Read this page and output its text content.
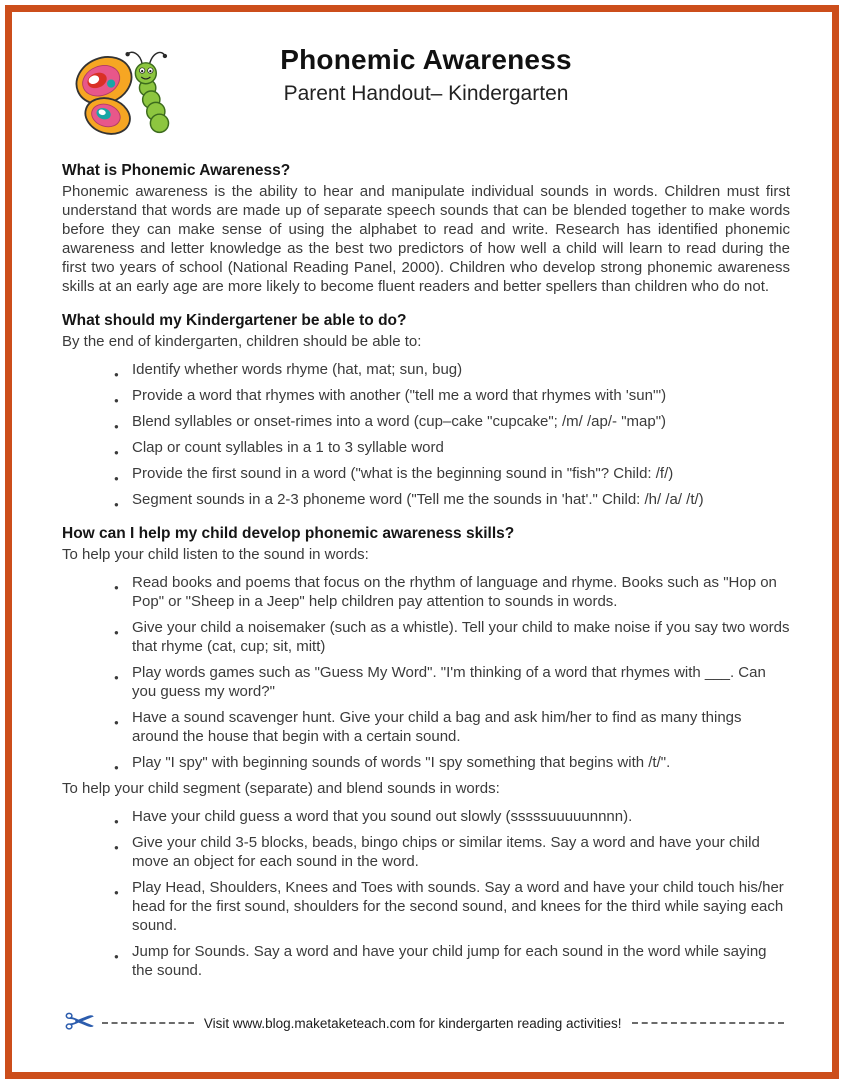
Phonemic Awareness
Parent Handout– Kindergarten
What is Phonemic Awareness?

Phonemic awareness is the ability to hear and manipulate individual sounds in words. Children must first understand that words are made up of separate speech sounds that can be blended together to make words before they can make sense of using the alphabet to read and write. Research has identified phonemic awareness and letter knowledge as the best two predictors of how well a child will learn to read during the first two years of school (National Reading Panel, 2000). Children who develop strong phonemic awareness skills at an early age are more likely to become fluent readers and better spellers than children who do not.

What should my Kindergartener be able to do?

By the end of kindergarten, children should be able to:

● Identify whether words rhyme (hat, mat; sun, bug)
● Provide a word that rhymes with another ("tell me a word that rhymes with 'sun'")
● Blend syllables or onset-rimes into a word (cup–cake "cupcake"; /m/ /ap/- "map")
● Clap or count syllables in a 1 to 3 syllable word
● Provide the first sound in a word ("what is the beginning sound in "fish"? Child: /f/)
● Segment sounds in a 2-3 phoneme word ("Tell me the sounds in 'hat'." Child: /h/ /a/ /t/)
How can I help my child develop phonemic awareness skills?

To help your child listen to the sound in words:

● Read books and poems that focus on the rhythm of language and rhyme. Books such as "Hop on Pop" or "Sheep in a Jeep" help children pay attention to sounds in words.
● Give your child a noisemaker (such as a whistle). Tell your child to make noise if you say two words that rhyme (cat, cup; sit, mitt)
● Play words games such as "Guess My Word". "I'm thinking of a word that rhymes with ___. Can you guess my word?"
● Have a sound scavenger hunt. Give your child a bag and ask him/her to find as many things around the house that begin with a certain sound.
● Play "I spy" with beginning sounds of words "I spy something that begins with /t/".

To help your child segment (separate) and blend sounds in words:

● Have your child guess a word that you sound out slowly (sssssuuuuunnnn).
● Give your child 3-5 blocks, beads, bingo chips or similar items. Say a word and have your child move an object for each sound in the word.
● Play Head, Shoulders, Knees and Toes with sounds. Say a word and have your child touch his/her head for the first sound, shoulders for the second sound, and knees for the third while saying each sound.
● Jump for Sounds. Say a word and have your child jump for each sound in the word while saying the sound.
✂	Visit www.blog.maketaketeach.com for kindergarten reading activities!
